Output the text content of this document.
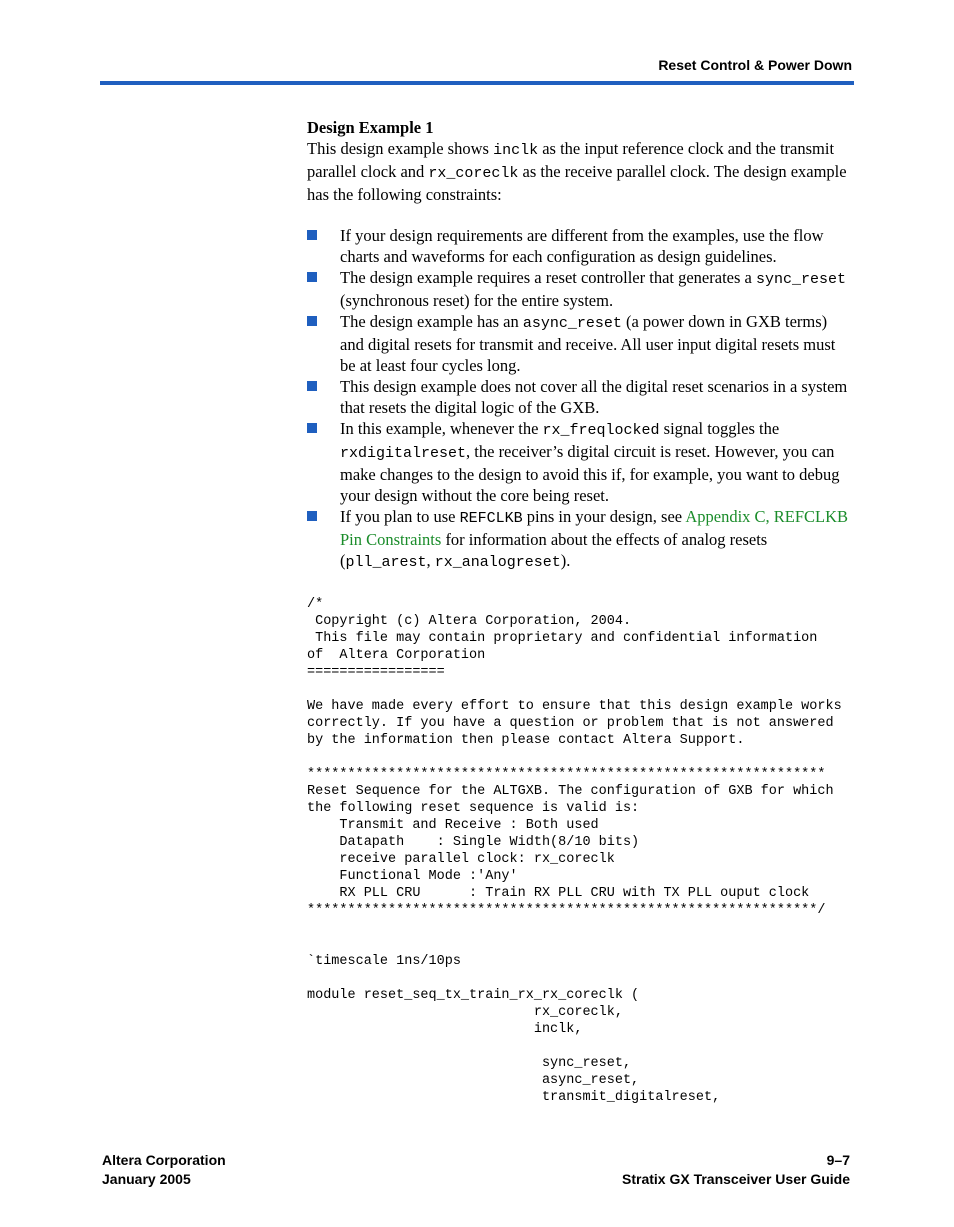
Reset Control & Power Down
Design Example 1

This design example shows inclk as the input reference clock and the transmit parallel clock and rx_coreclk as the receive parallel clock. The design example has the following constraints:

If your design requirements are different from the examples, use the flow charts and waveforms for each configuration as design guidelines.
The design example requires a reset controller that generates a sync_reset (synchronous reset) for the entire system.
The design example has an async_reset (a power down in GXB terms) and digital resets for transmit and receive. All user input digital resets must be at least four cycles long.
This design example does not cover all the digital reset scenarios in a system that resets the digital logic of the GXB.
In this example, whenever the rx_freqlocked signal toggles the rxdigitalreset, the receiver’s digital circuit is reset. However, you can make changes to the design to avoid this if, for example, you want to debug your design without the core being reset.
If you plan to use REFCLKB pins in your design, see Appendix C, REFCLKB Pin Constraints for information about the effects of analog resets (pll_arest, rx_analogreset).
/*
Copyright (c) Altera Corporation, 2004.
This file may contain proprietary and confidential information
of  Altera Corporation
=================

We have made every effort to ensure that this design example works
correctly. If you have a question or problem that is not answered
by the information then please contact Altera Support.

****************************************************************
Reset Sequence for the ALTGXB. The configuration of GXB for which
the following reset sequence is valid is:
Transmit and Receive : Both used
Datapath    : Single Width(8/10 bits)
receive parallel clock: rx_coreclk
Functional Mode :'Any'
RX PLL CRU      : Train RX PLL CRU with TX PLL ouput clock
***************************************************************/

`timescale 1ns/10ps

module reset_seq_tx_train_rx_rx_coreclk (
rx_coreclk,
inclk,

sync_reset,
async_reset,
transmit_digitalreset,
Altera Corporation
January 2005
9–7
Stratix GX Transceiver User Guide
